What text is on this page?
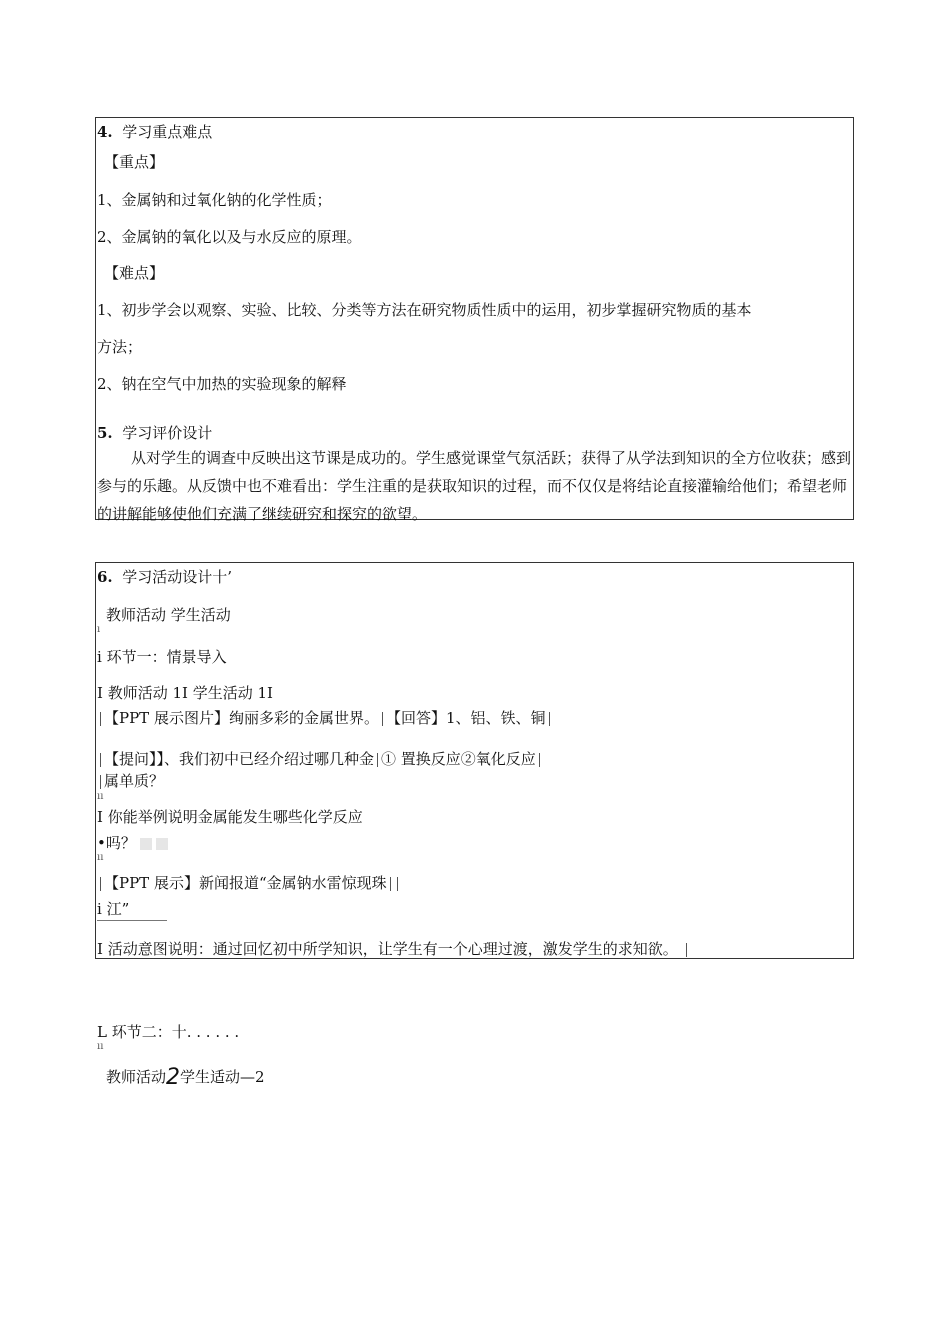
4. 学习重点难点
【重点】
1、金属钠和过氧化钠的化学性质；
2、金属钠的氧化以及与水反应的原理。
【难点】
1、初步学会以观察、实验、比较、分类等方法在研究物质性质中的运用，初步掌握研究物质的基本
方法；
2、钠在空气中加热的实验现象的解释
5. 学习评价设计
从对学生的调查中反映出这节课是成功的。学生感觉课堂气氛活跃；获得了从学法到知识的全方位收获；感到参与的乐趣。从反馈中也不难看出：学生注重的是获取知识的过程，而不仅仅是将结论直接灌输给他们；希望老师的讲解能够使他们充满了继续研究和探究的欲望。
6. 学习活动设计十’
教师活动 学生活动
ı
i 环节一：情景导入
I 教师活动 1I 学生活动 1I
【PPT 展示图片】绚丽多彩的金属世界。 【回答】1、铝、铁、铜
【提问】】、我们初中已经介绍过哪几种金 ① 置换反应②氧化反应
属单质？
ıı
I 你能举例说明金属能发生哪些化学反应
•吗？
ıı
【PPT 展示】新闻报道“金属钠水雷惊现珠
i 江”
I 活动意图说明：通过回忆初中所学知识，让学生有一个心理过渡，激发学生的求知欲。
L 环节二：十. . . . . .
ıı
教师活动2学生适动—2
